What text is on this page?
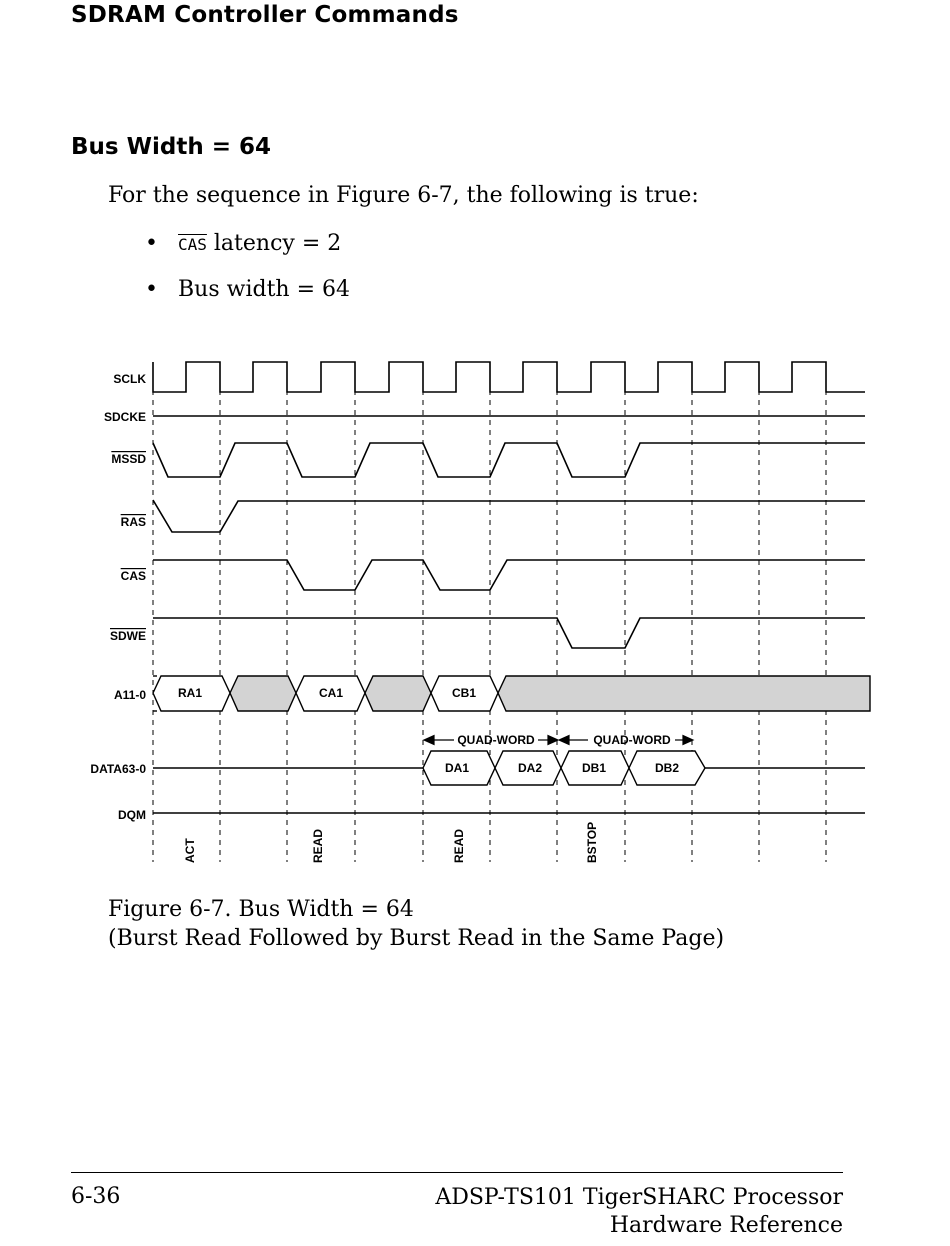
SDRAM Controller Commands
Bus Width = 64
For the sequence in Figure 6-7, the following is true:
• $\overline{CAS}$ latency = 2
• Bus width = 64
SCLK
SDCKE
MSSD
RAS
CAS
SDWE
A11-0
DATA63-0
DQM
RA1	CA1	CB1
QUAD-WORD	QUAD-WORD
DA1	DA2	DB1	DB2
ACT	READ	READ	BSTOP
Figure 6-7. Bus Width = 64
(Burst Read Followed by Burst Read in the Same Page)
6-36	ADSP-TS101 TigerSHARC Processor
Hardware Reference
